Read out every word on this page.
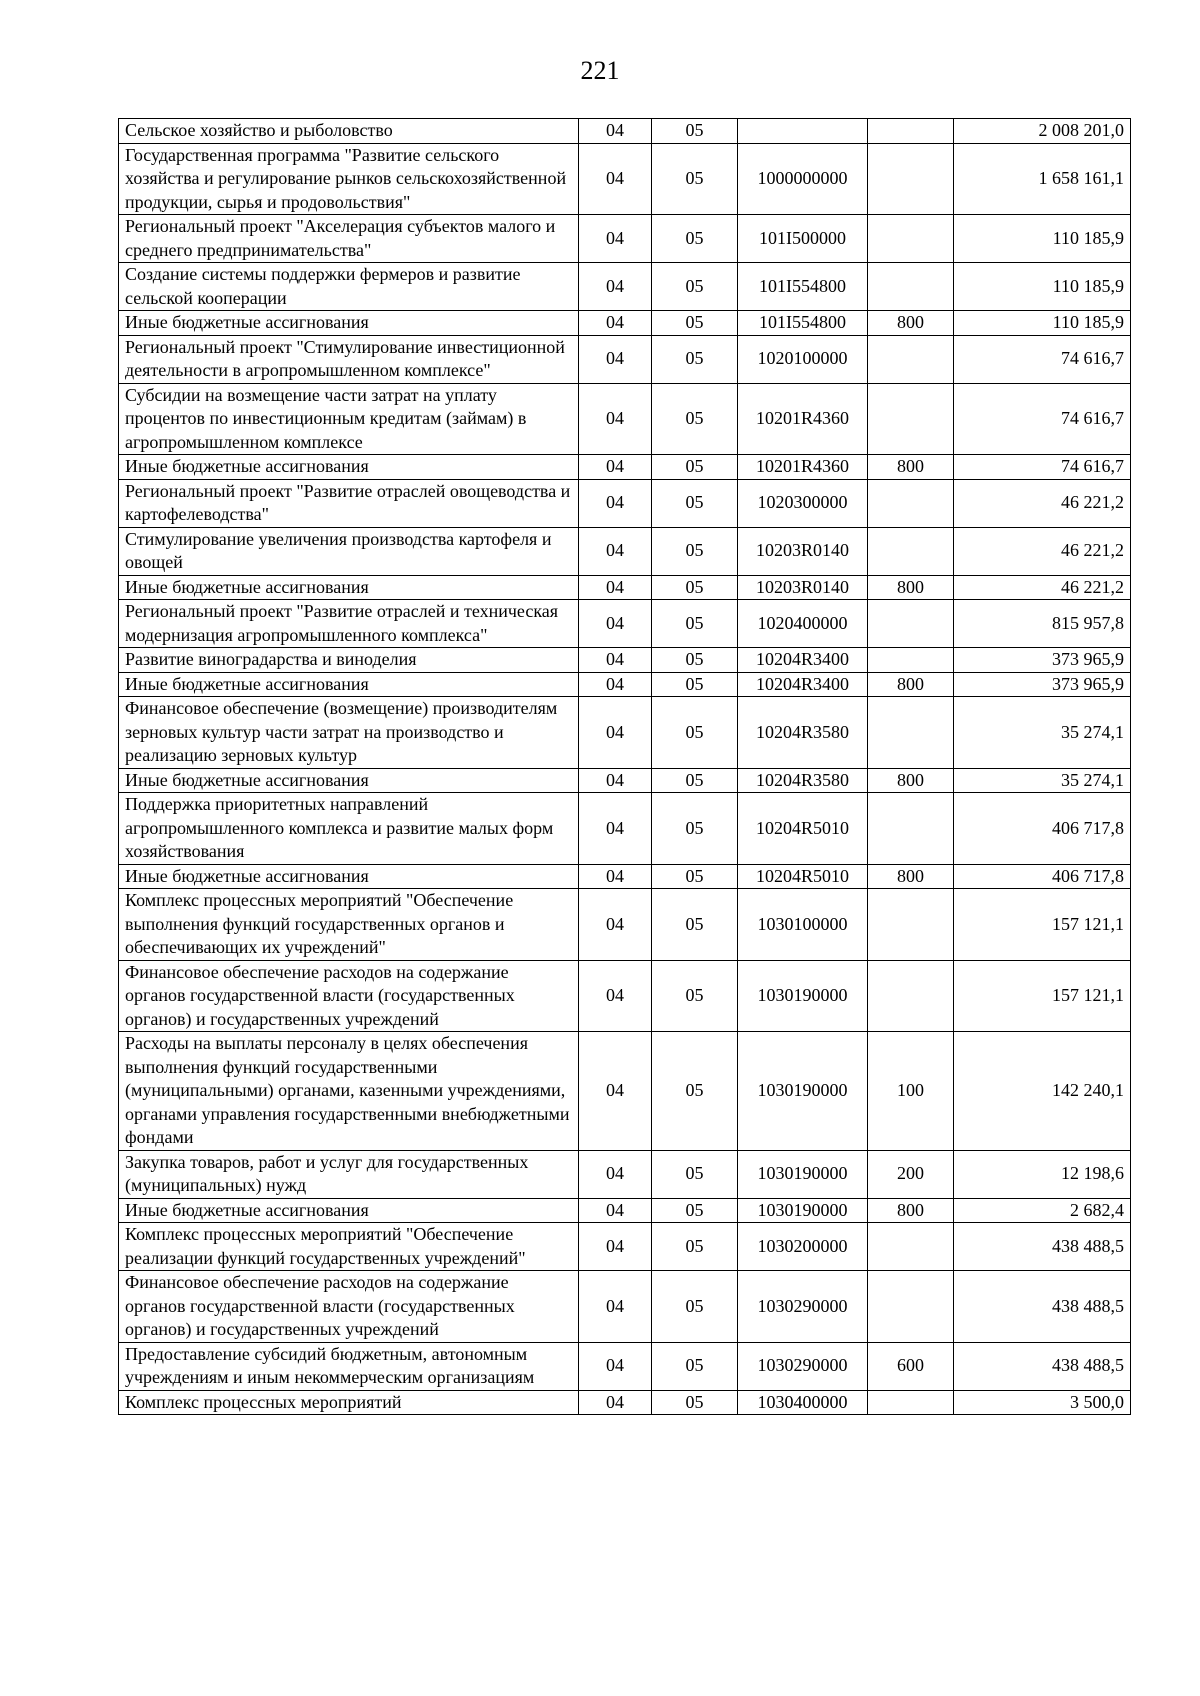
221
Сельское хозяйство и рыболовство	04	05			2 008 201,0
Государственная программа "Развитие сельского хозяйства и регулирование рынков сельскохозяйственной продукции, сырья и продовольствия"	04	05	1000000000		1 658 161,1
Региональный проект "Акселерация субъектов малого и среднего предпринимательства"	04	05	101I500000		110 185,9
Создание системы поддержки фермеров и развитие сельской кооперации	04	05	101I554800		110 185,9
Иные бюджетные ассигнования	04	05	101I554800	800	110 185,9
Региональный проект "Стимулирование инвестиционной деятельности в агропромышленном комплексе"	04	05	1020100000		74 616,7
Субсидии на возмещение части затрат на уплату процентов по инвестиционным кредитам (займам) в агропромышленном комплексе	04	05	10201R4360		74 616,7
Иные бюджетные ассигнования	04	05	10201R4360	800	74 616,7
Региональный проект "Развитие отраслей овощеводства и картофелеводства"	04	05	1020300000		46 221,2
Стимулирование увеличения производства картофеля и овощей	04	05	10203R0140		46 221,2
Иные бюджетные ассигнования	04	05	10203R0140	800	46 221,2
Региональный проект "Развитие отраслей и техническая модернизация агропромышленного комплекса"	04	05	1020400000		815 957,8
Развитие виноградарства и виноделия	04	05	10204R3400		373 965,9
Иные бюджетные ассигнования	04	05	10204R3400	800	373 965,9
Финансовое обеспечение (возмещение) производителям зерновых культур части затрат на производство и реализацию зерновых культур	04	05	10204R3580		35 274,1
Иные бюджетные ассигнования	04	05	10204R3580	800	35 274,1
Поддержка приоритетных направлений агропромышленного комплекса и развитие малых форм хозяйствования	04	05	10204R5010		406 717,8
Иные бюджетные ассигнования	04	05	10204R5010	800	406 717,8
Комплекс процессных мероприятий "Обеспечение выполнения функций государственных органов и обеспечивающих их учреждений"	04	05	1030100000		157 121,1
Финансовое обеспечение расходов на содержание органов государственной власти (государственных органов) и государственных учреждений	04	05	1030190000		157 121,1
Расходы на выплаты персоналу в целях обеспечения выполнения функций государственными (муниципальными) органами, казенными учреждениями, органами управления государственными внебюджетными фондами	04	05	1030190000	100	142 240,1
Закупка товаров, работ и услуг для государственных (муниципальных) нужд	04	05	1030190000	200	12 198,6
Иные бюджетные ассигнования	04	05	1030190000	800	2 682,4
Комплекс процессных мероприятий "Обеспечение реализации функций государственных учреждений"	04	05	1030200000		438 488,5
Финансовое обеспечение расходов на содержание органов государственной власти (государственных органов) и государственных учреждений	04	05	1030290000		438 488,5
Предоставление субсидий бюджетным, автономным учреждениям и иным некоммерческим организациям	04	05	1030290000	600	438 488,5
Комплекс процессных мероприятий	04	05	1030400000		3 500,0
